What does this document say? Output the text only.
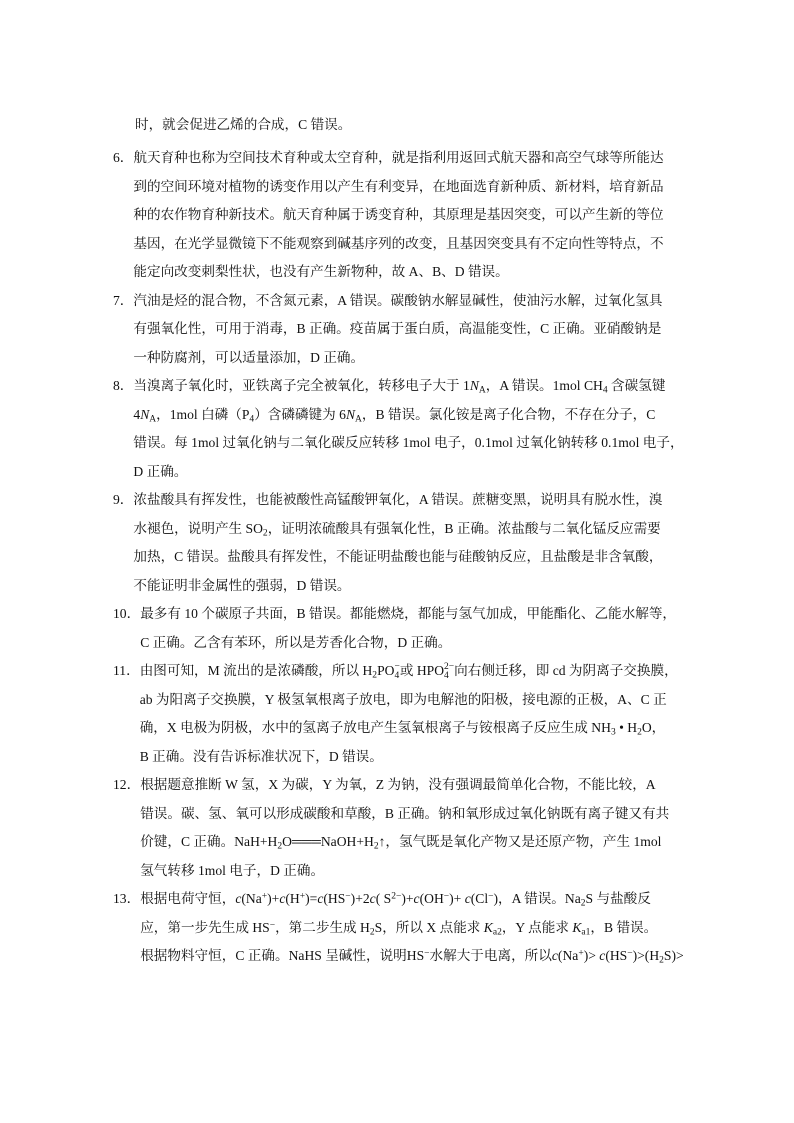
时，就会促进乙烯的合成，C 错误。
6． 航天育种也称为空间技术育种或太空育种，就是指利用返回式航天器和高空气球等所能达
到的空间环境对植物的诱变作用以产生有利变异，在地面选育新种质、新材料，培育新品
种的农作物育种新技术。航天育种属于诱变育种，其原理是基因突变，可以产生新的等位
基因，在光学显微镜下不能观察到碱基序列的改变，且基因突变具有不定向性等特点，不
能定向改变刺梨性状，也没有产生新物种，故 A、B、D 错误。
7． 汽油是烃的混合物，不含氮元素，A 错误。碳酸钠水解显碱性，使油污水解，过氧化氢具
有强氧化性，可用于消毒，B 正确。疫苗属于蛋白质，高温能变性，C 正确。亚硝酸钠是
一种防腐剂，可以适量添加，D 正确。
8． 当溴离子氧化时，亚铁离子完全被氧化，转移电子大于 $1N_A$，A 错误。1mol $CH_4$ 含碳氢键
$4N_A$，1mol 白磷$(P_4)$含磷磷键为 $6N_A$，B 错误。氯化铵是离子化合物，不存在分子，C
错误。每 1mol 过氧化钠与二氧化碳反应转移 1mol 电子，0.1mol 过氧化钠转移 0.1mol 电子，
D 正确。
9． 浓盐酸具有挥发性，也能被酸性高锰酸钾氧化，A 错误。蔗糖变黑，说明具有脱水性，溴
水褪色，说明产生 $SO_2$，证明浓硫酸具有强氧化性，B 正确。浓盐酸与二氧化锰反应需要
加热，C 错误。盐酸具有挥发性，不能证明盐酸也能与硅酸钠反应，且盐酸是非含氧酸，
不能证明非金属性的强弱，D 错误。
10． 最多有 10 个碳原子共面，B 错误。都能燃烧，都能与氢气加成，甲能酯化、乙能水解等，
C 正确。乙含有苯环，所以是芳香化合物，D 正确。
11． 由图可知，M 流出的是浓磷酸，所以 $H_2PO$ −
4 或 HPO 2−
4 向右侧迁移，即 cd 为阴离子交换膜，
ab 为阳离子交换膜，Y 极氢氧根离子放电，即为电解池的阳极，接电源的正极，A、C 正
确，X 电极为阴极，水中的氢离子放电产生氢氧根离子与铵根离子反应生成 $NH_3$ • $H_2O$，
B 正确。没有告诉标准状况下，D 错误。
12． 根据题意推断 W 氢，X 为碳，Y 为氧，Z 为钠，没有强调最简单化合物，不能比较，A
错误。碳、氢、氧可以形成碳酸和草酸，B 正确。钠和氧形成过氧化钠既有离子键又有共
价键，C 正确。$NaH+H_2O═══NaOH+H_2↑$，氢气既是氧化产物又是还原产物，产生 1mol
氢气转移 1mol 电子，D 正确。
13． 根据电荷守恒，c(Na+)+c(H+)=c(HS−)+2c( $S^{2-})+c(OH^-)+ c(Cl^-)$，A 错误。$Na_2S$ 与盐酸反
应，第一步先生成 HS−，第二步生成 $H_2S$，所以 X 点能求 $K_{a2}$，Y 点能求 $K_{a1}$，B 错误。
根据物料守恒，C 正确。NaHS 呈碱性，说明HS−水解大于电离，所以$c(Na^+)> c(HS^-)>(H_2S)>$
